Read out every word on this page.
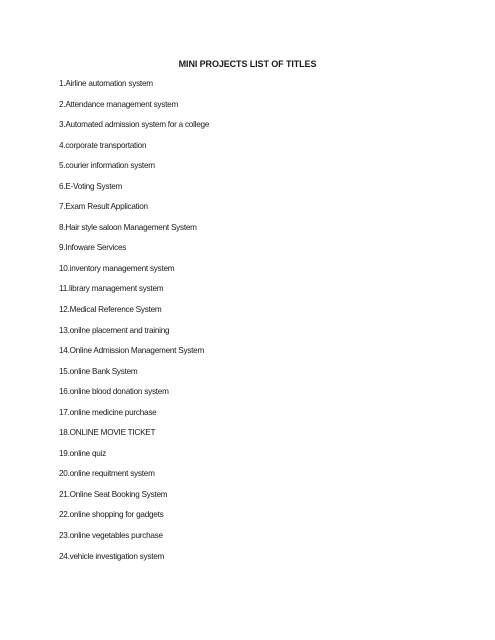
MINI PROJECTS LIST OF TITLES
1.Airline automation system
2.Attendance management system
3.Automated admission system for a college
4.corporate transportation
5.courier information system
6.E-Voting System
7.Exam Result Application
8.Hair style saloon Management System
9.Infoware Services
10.inventory management system
11.library management system
12.Medical Reference System
13.onilne placement and training
14.Online Admission Management System
15.online Bank System
16.online blood donation system
17.online medicine purchase
18.ONLINE MOVIE TICKET
19.online quiz
20.online requitment system
21.Online Seat Booking System
22.online shopping for gadgets
23.online vegetables purchase
24.vehicle investigation system
